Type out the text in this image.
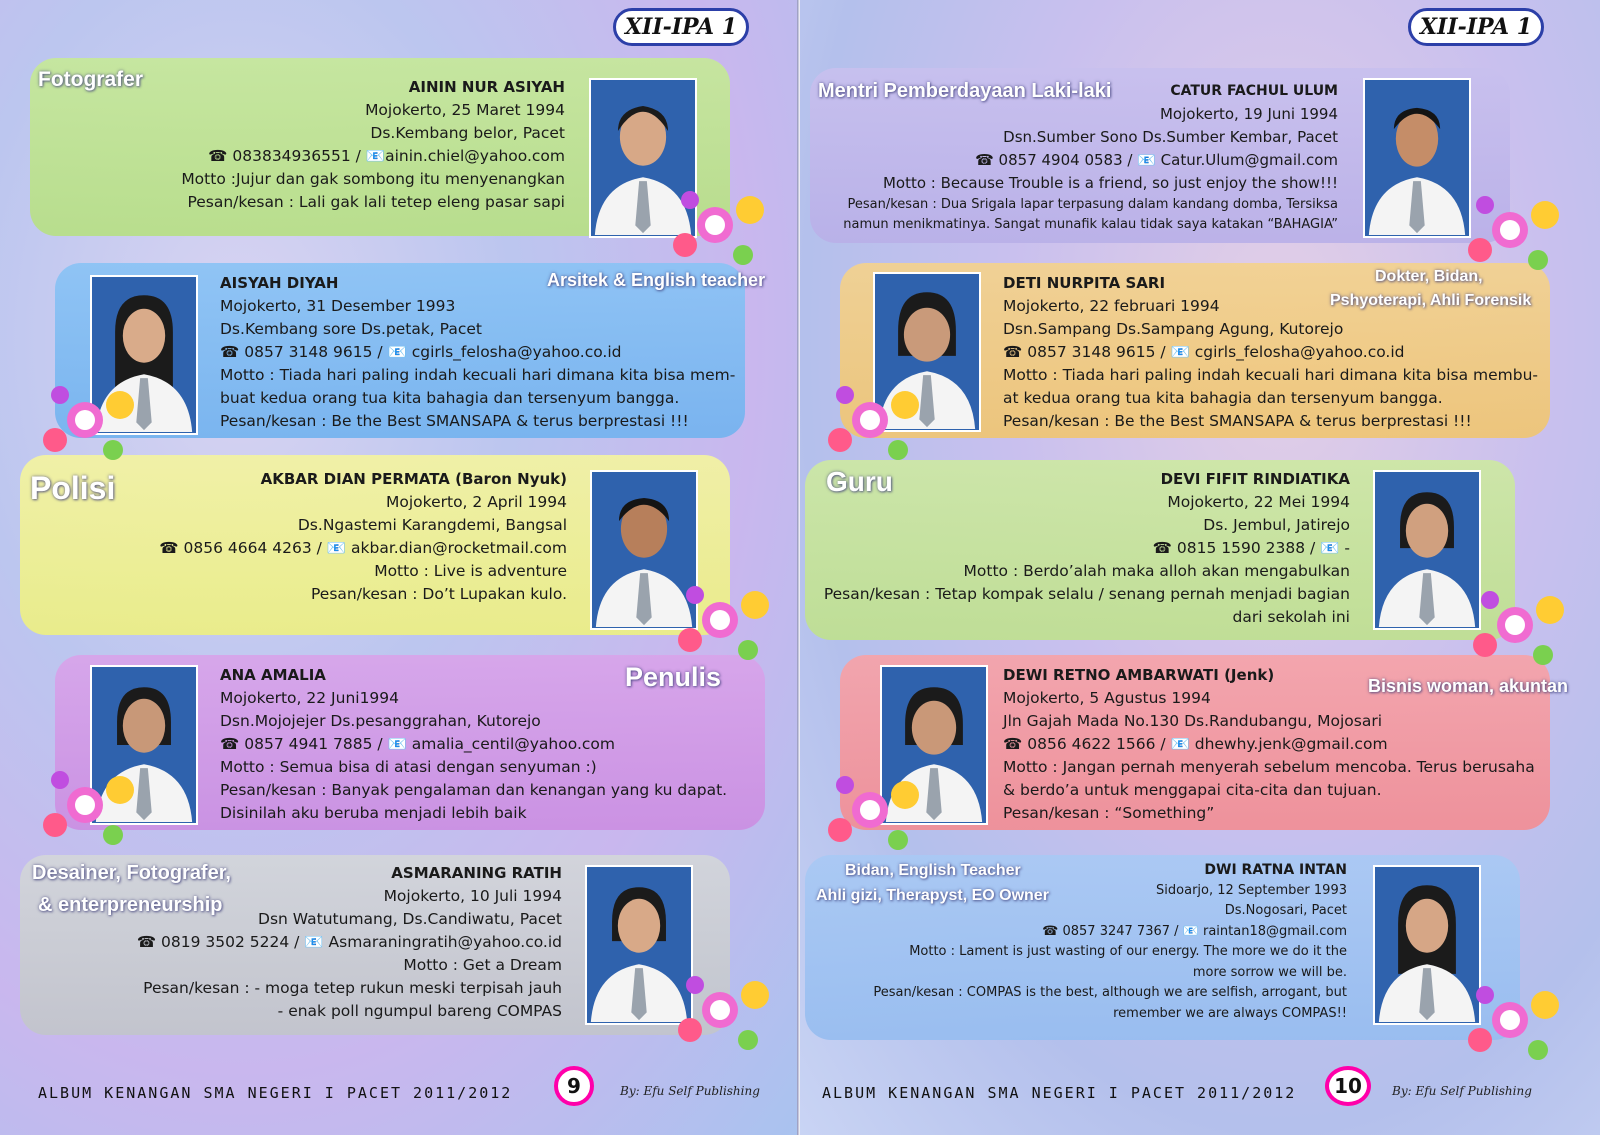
XII-IPA 1
Fotografer	AININ NUR ASIYAH
Mojokerto, 25 Maret 1994
Ds.Kembang belor, Pacet
☎ 083834936551 / 📧ainin.chiel@yahoo.com
Motto :Jujur dan gak sombong itu menyenangkan
Pesan/kesan : Lali gak lali tetep eleng pasar sapi
Arsitek & English teacher
AISYAH DIYAH
Mojokerto, 31 Desember 1993
Ds.Kembang sore Ds.petak, Pacet
☎ 0857 3148 9615 / 📧 cgirls_felosha@yahoo.co.id
Motto : Tiada hari paling indah kecuali hari dimana kita bisa mem-
buat kedua orang tua kita bahagia dan tersenyum bangga.
Pesan/kesan : Be the Best SMANSAPA & terus berprestasi !!!
Polisi	AKBAR DIAN PERMATA (Baron Nyuk)
Mojokerto, 2 April 1994
Ds.Ngastemi Karangdemi, Bangsal
☎ 0856 4664 4263 / 📧 akbar.dian@rocketmail.com
Motto : Live is adventure
Pesan/kesan : Do’t Lupakan kulo.
Penulis
ANA AMALIA
Mojokerto, 22 Juni1994
Dsn.Mojojejer Ds.pesanggrahan, Kutorejo
☎ 0857 4941 7885 / 📧 amalia_centil@yahoo.com
Motto : Semua bisa di atasi dengan senyuman :)
Pesan/kesan : Banyak pengalaman dan kenangan yang ku dapat.
Disinilah aku beruba menjadi lebih baik
Desainer, Fotografer,
& enterpreneurship
ASMARANING RATIH
Mojokerto, 10 Juli 1994
Dsn Watutumang, Ds.Candiwatu, Pacet
☎ 0819 3502 5224 / 📧 Asmaraningratih@yahoo.co.id
Motto : Get a Dream
Pesan/kesan : - moga tetep rukun meski terpisah jauh
- enak poll ngumpul bareng COMPAS
ALBUM KENANGAN SMA NEGERI I PACET 2011/2012	9	By: Efu Self Publishing
XII-IPA 1
Mentri Pemberdayaan Laki-laki	CATUR FACHUL ULUM
Mojokerto, 19 Juni 1994
Dsn.Sumber Sono Ds.Sumber Kembar, Pacet
☎ 0857 4904 0583 / 📧 Catur.Ulum@gmail.com
Motto : Because Trouble is a friend, so just enjoy the show!!!
Pesan/kesan : Dua Srigala lapar terpasung dalam kandang domba, Tersiksa
namun menikmatinya. Sangat munafik kalau tidak saya katakan “BAHAGIA”
Dokter, Bidan,
Pshyoterapi, Ahli Forensik
DETI NURPITA SARI
Mojokerto, 22 februari 1994
Dsn.Sampang Ds.Sampang Agung, Kutorejo
☎ 0857 3148 9615 / 📧 cgirls_felosha@yahoo.co.id
Motto : Tiada hari paling indah kecuali hari dimana kita bisa membu-
at kedua orang tua kita bahagia dan tersenyum bangga.
Pesan/kesan : Be the Best SMANSAPA & terus berprestasi !!!
Guru	DEVI FIFIT RINDIATIKA
Mojokerto, 22 Mei 1994
Ds. Jembul, Jatirejo
☎ 0815 1590 2388 / 📧 -
Motto : Berdo’alah maka alloh akan mengabulkan
Pesan/kesan : Tetap kompak selalu / senang pernah menjadi bagian
dari sekolah ini
Bisnis woman, akuntan
DEWI RETNO AMBARWATI (Jenk)
Mojokerto, 5 Agustus 1994
Jln Gajah Mada No.130 Ds.Randubangu, Mojosari
☎ 0856 4622 1566 / 📧 dhewhy.jenk@gmail.com
Motto : Jangan pernah menyerah sebelum mencoba. Terus berusaha
& berdo’a untuk menggapai cita-cita dan tujuan.
Pesan/kesan : “Something”
Bidan, English Teacher
Ahli gizi, Therapyst, EO Owner
DWI RATNA INTAN
Sidoarjo, 12 September 1993
Ds.Nogosari, Pacet
☎ 0857 3247 7367 / 📧 raintan18@gmail.com
Motto : Lament is just wasting of our energy. The more we do it the
more sorrow we will be.
Pesan/kesan : COMPAS is the best, although we are selfish, arrogant, but
remember we are always COMPAS!!
ALBUM KENANGAN SMA NEGERI I PACET 2011/2012	10	By: Efu Self Publishing
